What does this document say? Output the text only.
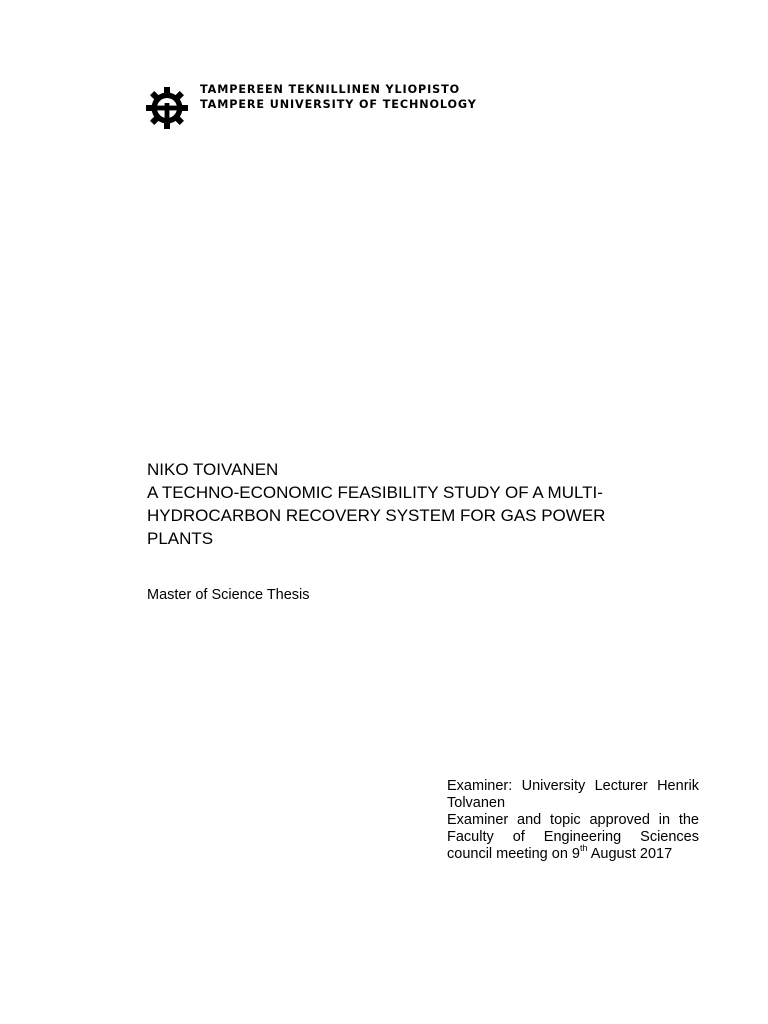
TAMPEREEN TEKNILLINEN YLIOPISTO
TAMPERE UNIVERSITY OF TECHNOLOGY
NIKO TOIVANEN
A TECHNO-ECONOMIC FEASIBILITY STUDY OF A MULTI-
HYDROCARBON RECOVERY SYSTEM FOR GAS POWER
PLANTS
Master of Science Thesis
Examiner: University Lecturer Henrik
Tolvanen
Examiner and topic approved in the
Faculty of Engineering Sciences
council meeting on 9th August 2017
